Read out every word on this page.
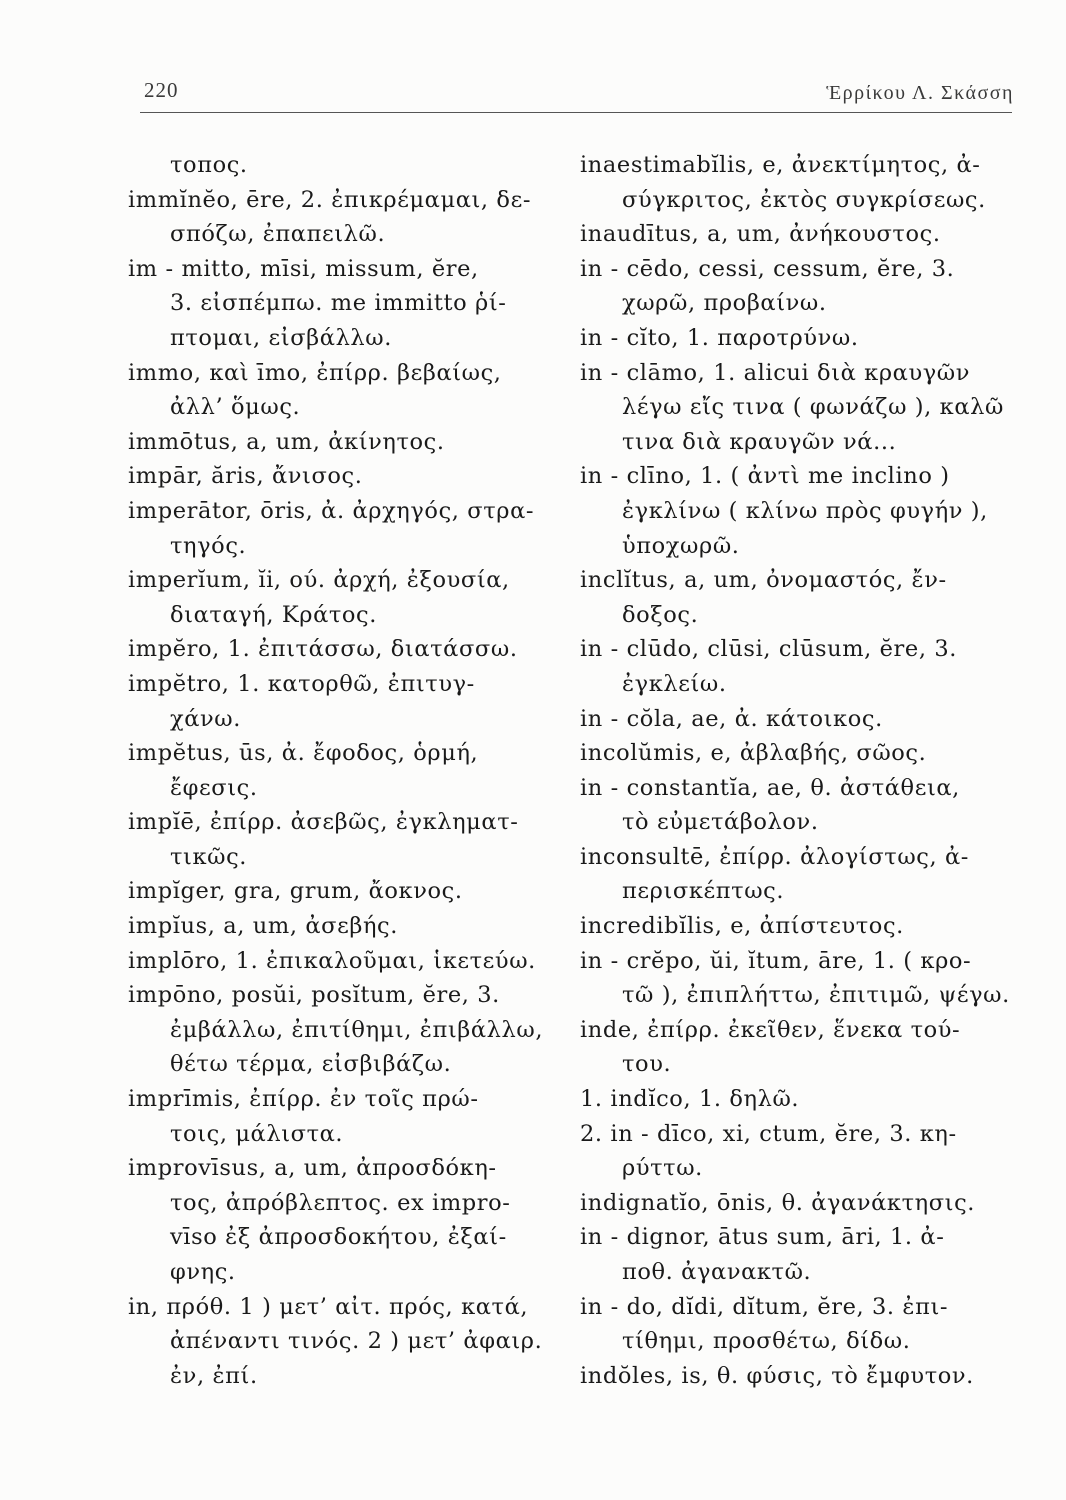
220	Ἑρρίκου Λ. Σκάσση
τοπος.
immĭnĕo, ēre, 2. ἐπικρέμαμαι, δε-
σπόζω, ἐπαπειλῶ.
im - mitto, mīsi, missum, ĕre,
3. εἰσπέμπω. me immitto ῥί-
πτομαι, εἰσβάλλω.
immo, καὶ īmo, ἐπίρρ. βεβαίως,
ἀλλ’ ὅμως.
immōtus, a, um, ἀκίνητος.
impār, ăris, ἄνισος.
imperātor, ōris, ἀ. ἀρχηγός, στρα-
τηγός.
imperĭum, ĭi, ού. ἀρχή, ἐξουσία,
διαταγή, Κράτος.
impĕro, 1. ἐπιτάσσω, διατάσσω.
impĕtro, 1. κατορθῶ, ἐπιτυγ-
χάνω.
impĕtus, ūs, ἀ. ἔφοδος, ὁρμή,
ἔφεσις.
impĭē, ἐπίρρ. ἀσεβῶς, ἐγκληματ-
τικῶς.
impĭger, gra, grum, ἄοκνος.
impĭus, a, um, ἀσεβής.
implōro, 1. ἐπικαλοῦμαι, ἱκετεύω.
impōno, posŭi, posĭtum, ĕre, 3.
ἐμβάλλω, ἐπιτίθημι, ἐπιβάλλω,
θέτω τέρμα, εἰσβιβάζω.
imprīmis, ἐπίρρ. ἐν τοῖς πρώ-
τοις, μάλιστα.
improvīsus, a, um, ἀπροσδόκη-
τος, ἀπρόβλεπτος. ex impro-
vīso ἐξ ἀπροσδοκήτου, ἐξαί-
φνης.
in, πρόθ. 1 ) μετ’ αἰτ. πρός, κατά,
ἀπέναντι τινός. 2 ) μετ’ ἀφαιρ.
ἐν, ἐπί.
inaestimabĭlis, e, ἀνεκτίμητος, ἀ-
σύγκριτος, ἐκτὸς συγκρίσεως.
inaudītus, a, um, ἀνήκουστος.
in - cēdo, cessi, cessum, ĕre, 3.
χωρῶ, προβαίνω.
in - cĭto, 1. παροτρύνω.
in - clāmo, 1. alicui διὰ κραυγῶν
λέγω εἴς τινα ( φωνάζω ), καλῶ
τινα διὰ κραυγῶν νά...
in - clīno, 1. ( ἀντὶ me inclino )
ἐγκλίνω ( κλίνω πρὸς φυγήν ),
ὑποχωρῶ.
inclĭtus, a, um, ὀνομαστός, ἔν-
δοξος.
in - clūdo, clūsi, clūsum, ĕre, 3.
ἐγκλείω.
in - cŏla, ae, ἀ. κάτοικος.
incolŭmis, e, ἀβλαβής, σῶος.
in - constantĭa, ae, θ. ἀστάθεια,
τὸ εὐμετάβολον.
inconsultē, ἐπίρρ. ἀλογίστως, ἀ-
περισκέπτως.
incredibĭlis, e, ἀπίστευτος.
in - crĕpo, ŭi, ĭtum, āre, 1. ( κρο-
τῶ ), ἐπιπλήττω, ἐπιτιμῶ, ψέγω.
inde, ἐπίρρ. ἐκεῖθεν, ἕνεκα τού-
του.
1. indĭco, 1. δηλῶ.
2. in - dīco, xi, ctum, ĕre, 3. κη-
ρύττω.
indignatĭo, ōnis, θ. ἀγανάκτησις.
in - dignor, ātus sum, āri, 1. ἀ-
ποθ. ἀγανακτῶ.
in - do, dĭdi, dĭtum, ĕre, 3. ἐπι-
τίθημι, προσθέτω, δίδω.
indŏles, is, θ. φύσις, τὸ ἔμφυτον.
